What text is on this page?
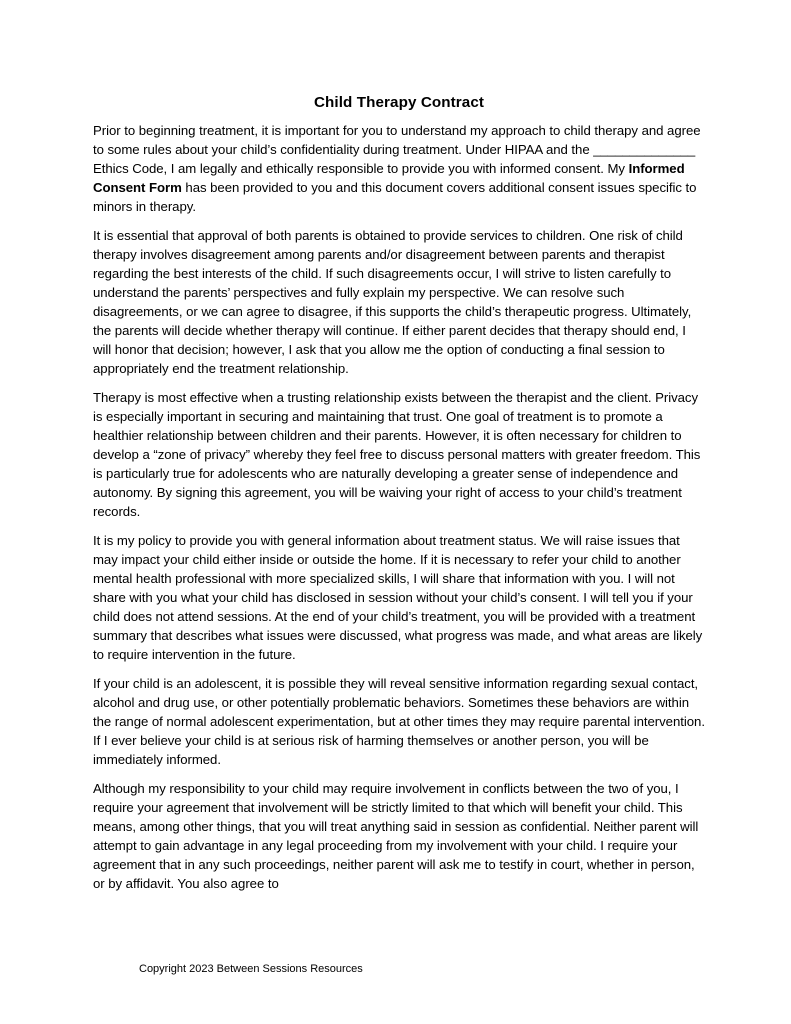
Child Therapy Contract

Prior to beginning treatment, it is important for you to understand my approach to child therapy and agree to some rules about your child’s confidentiality during treatment. Under HIPAA and the ______________ Ethics Code, I am legally and ethically responsible to provide you with informed consent. My Informed Consent Form has been provided to you and this document covers additional consent issues specific to minors in therapy.

It is essential that approval of both parents is obtained to provide services to children. One risk of child therapy involves disagreement among parents and/or disagreement between parents and therapist regarding the best interests of the child. If such disagreements occur, I will strive to listen carefully to understand the parents’ perspectives and fully explain my perspective. We can resolve such disagreements, or we can agree to disagree, if this supports the child’s therapeutic progress. Ultimately, the parents will decide whether therapy will continue. If either parent decides that therapy should end, I will honor that decision; however, I ask that you allow me the option of conducting a final session to appropriately end the treatment relationship.

Therapy is most effective when a trusting relationship exists between the therapist and the client. Privacy is especially important in securing and maintaining that trust. One goal of treatment is to promote a healthier relationship between children and their parents. However, it is often necessary for children to develop a “zone of privacy” whereby they feel free to discuss personal matters with greater freedom. This is particularly true for adolescents who are naturally developing a greater sense of independence and autonomy. By signing this agreement, you will be waiving your right of access to your child’s treatment records.

It is my policy to provide you with general information about treatment status. We will raise issues that may impact your child either inside or outside the home. If it is necessary to refer your child to another mental health professional with more specialized skills, I will share that information with you. I will not share with you what your child has disclosed in session without your child’s consent. I will tell you if your child does not attend sessions. At the end of your child’s treatment, you will be provided with a treatment summary that describes what issues were discussed, what progress was made, and what areas are likely to require intervention in the future.

If your child is an adolescent, it is possible they will reveal sensitive information regarding sexual contact, alcohol and drug use, or other potentially problematic behaviors. Sometimes these behaviors are within the range of normal adolescent experimentation, but at other times they may require parental intervention. If I ever believe your child is at serious risk of harming themselves or another person, you will be immediately informed.

Although my responsibility to your child may require involvement in conflicts between the two of you, I require your agreement that involvement will be strictly limited to that which will benefit your child. This means, among other things, that you will treat anything said in session as confidential. Neither parent will attempt to gain advantage in any legal proceeding from my involvement with your child. I require your agreement that in any such proceedings, neither parent will ask me to testify in court, whether in person, or by affidavit. You also agree to

Copyright 2023 Between Sessions Resources
